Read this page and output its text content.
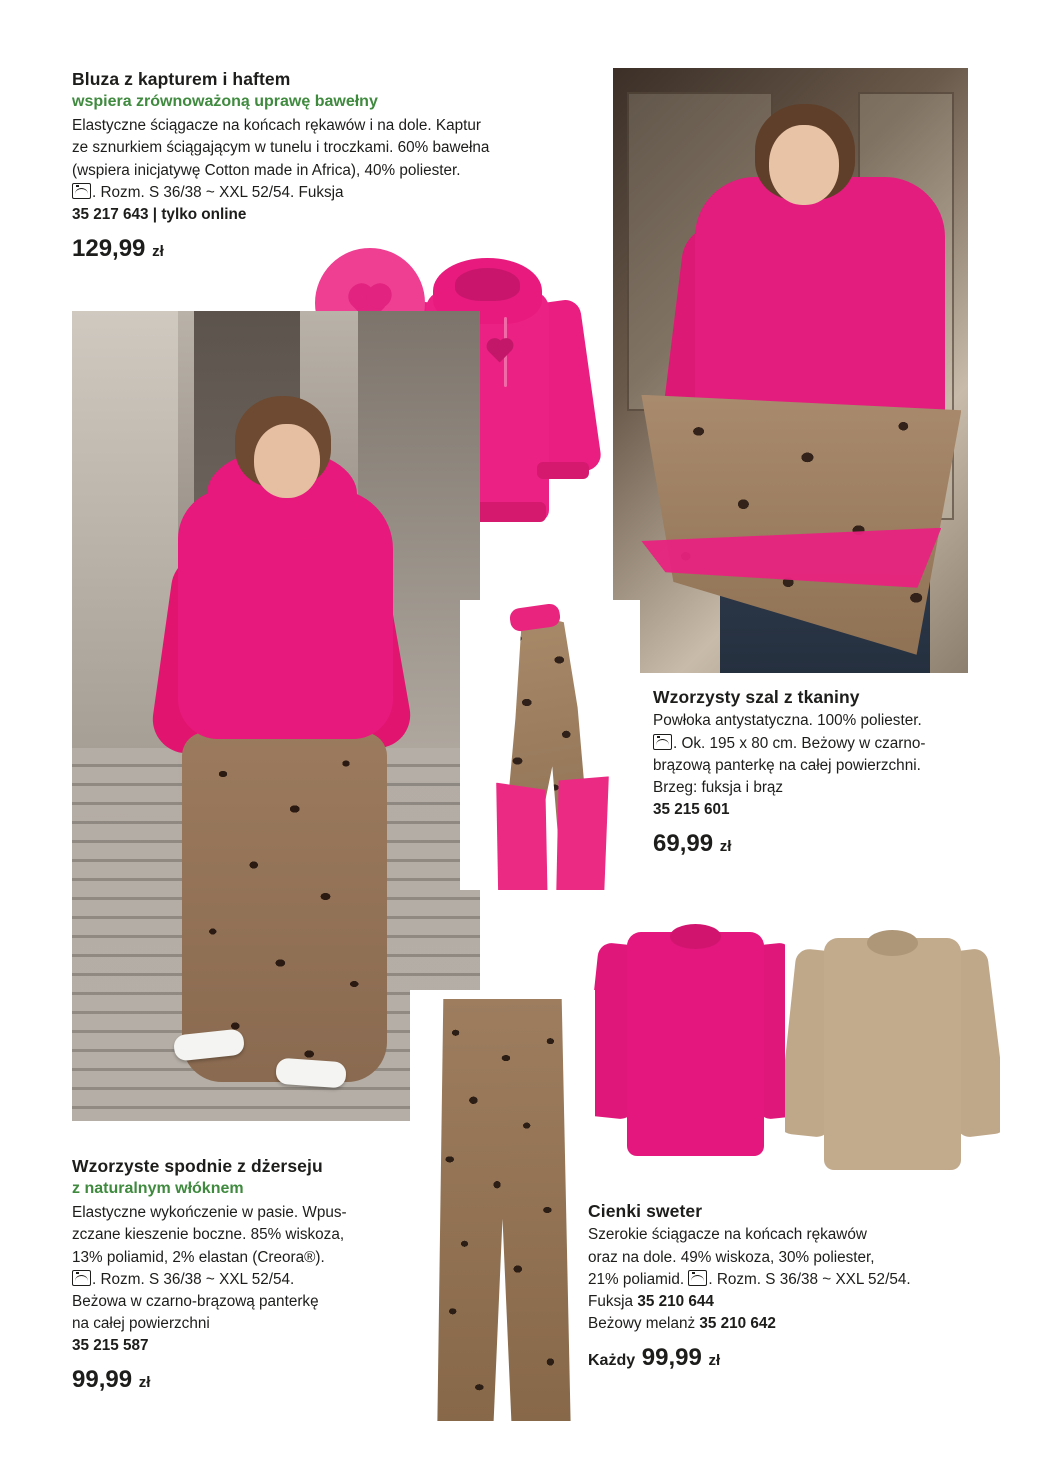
Bluza z kapturem i haftem

wspiera zrównoważoną uprawę bawełny

Elastyczne ściągacze na końcach rękawów i na dole. Kaptur

ze sznurkiem ściągającym w tunelu i troczkami. 60% bawełna

(wspiera inicjatywę Cotton made in Africa), 40% poliester.

. Rozm. S 36/38 ~ XXL 52/54. Fuksja

35 217 643 | tylko online

129,99 zł

Wzorzysty szal z tkaniny

Powłoka antystatyczna. 100% poliester.

. Ok. 195 x 80 cm. Beżowy w czarno-

brązową panterkę na całej powierzchni.

Brzeg: fuksja i brąz

35 215 601

69,99 zł

Wzorzyste spodnie z dżerseju

z naturalnym włóknem

Elastyczne wykończenie w pasie. Wpus-

zczane kieszenie boczne. 85% wiskoza,

13% poliamid, 2% elastan (Creora®).

. Rozm. S 36/38 ~ XXL 52/54.

Beżowa w czarno-brązową panterkę

na całej powierzchni

35 215 587

99,99 zł

Cienki sweter

Szerokie ściągacze na końcach rękawów

oraz na dole. 49% wiskoza, 30% poliester,

21% poliamid. . Rozm. S 36/38 ~ XXL 52/54.

Fuksja 35 210 644

Beżowy melanż 35 210 642

Każdy 99,99 zł
